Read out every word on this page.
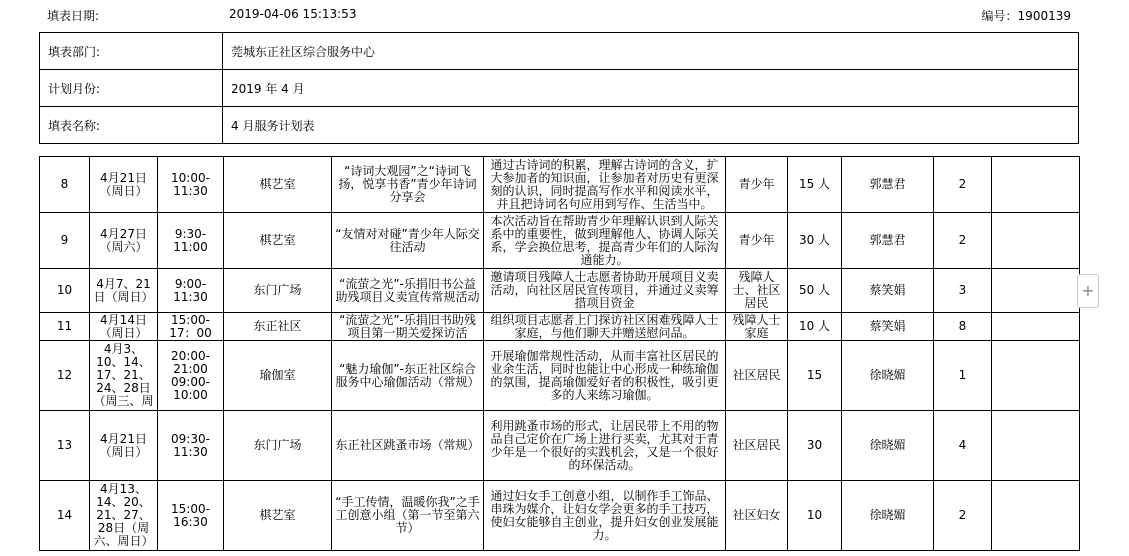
填表日期:	2019-04-06 15:13:53	编号：1900139
填表部门:	莞城东正社区综合服务中心
计划月份:	2019 年 4 月
填表名称:	4 月服务计划表
8	4月21日（周日）	10:00-11:30	棋艺室	“诗词大观园”之“诗词飞扬，悦享书香”青少年诗词分享会	通过古诗词的积累，理解古诗词的含义，扩大参加者的知识面，让参加者对历史有更深刻的认识，同时提高写作水平和阅读水平，并且把诗词名句应用到写作、生活当中。	青少年	15 人	郭慧君	2	
9	4月27日（周六）	9:30-11:00	棋艺室	“友情对对碰”青少年人际交往活动	本次活动旨在帮助青少年理解认识到人际关系中的重要性，做到理解他人、协调人际关系，学会换位思考，提高青少年们的人际沟通能力。	青少年	30 人	郭慧君	2	
10	4月7、21日（周日）	9:00-11:30	东门广场	“流萤之光”-乐捐旧书公益助残项目义卖宣传常规活动	邀请项目残障人士志愿者协助开展项目义卖活动，向社区居民宣传项目，并通过义卖筹措项目资金	残障人士、社区居民	50 人	蔡笑娟	3	
11	4月14日（周日）	15:00-17：00	东正社区	“流萤之光”-乐捐旧书助残项目第一期关爱探访活	组织项目志愿者上门探访社区困难残障人士家庭，与他们聊天并赠送慰问品。	残障人士家庭	10 人	蔡笑娟	8	
12	4月3、10、14、17、21、24、28日（周三、周	20:00-21:00 09:00-10:00	瑜伽室	“魅力瑜伽”-东正社区综合服务中心瑜伽活动（常规）	开展瑜伽常规性活动，从而丰富社区居民的业余生活，同时也能让中心形成一种练瑜伽的氛围，提高瑜伽爱好者的积极性，吸引更多的人来练习瑜伽。	社区居民	15	徐晓媚	1	
13	4月21日（周日）	09:30-11:30	东门广场	东正社区跳蚤市场（常规）	利用跳蚤市场的形式，让居民带上不用的物品自己定价在广场上进行买卖，尤其对于青少年是一个很好的实践机会，又是一个很好的环保活动。	社区居民	30	徐晓媚	4	
14	4月13、14、20、21、27、28日（周六、周日）	15:00-16:30	棋艺室	“手工传情，温暖你我”之手工创意小组（第一节至第六节）	通过妇女手工创意小组，以制作手工饰品、串珠为媒介，让妇女学会更多的手工技巧，使妇女能够自主创业，提升妇女创业发展能力。	社区妇女	10	徐晓媚	2	
+
